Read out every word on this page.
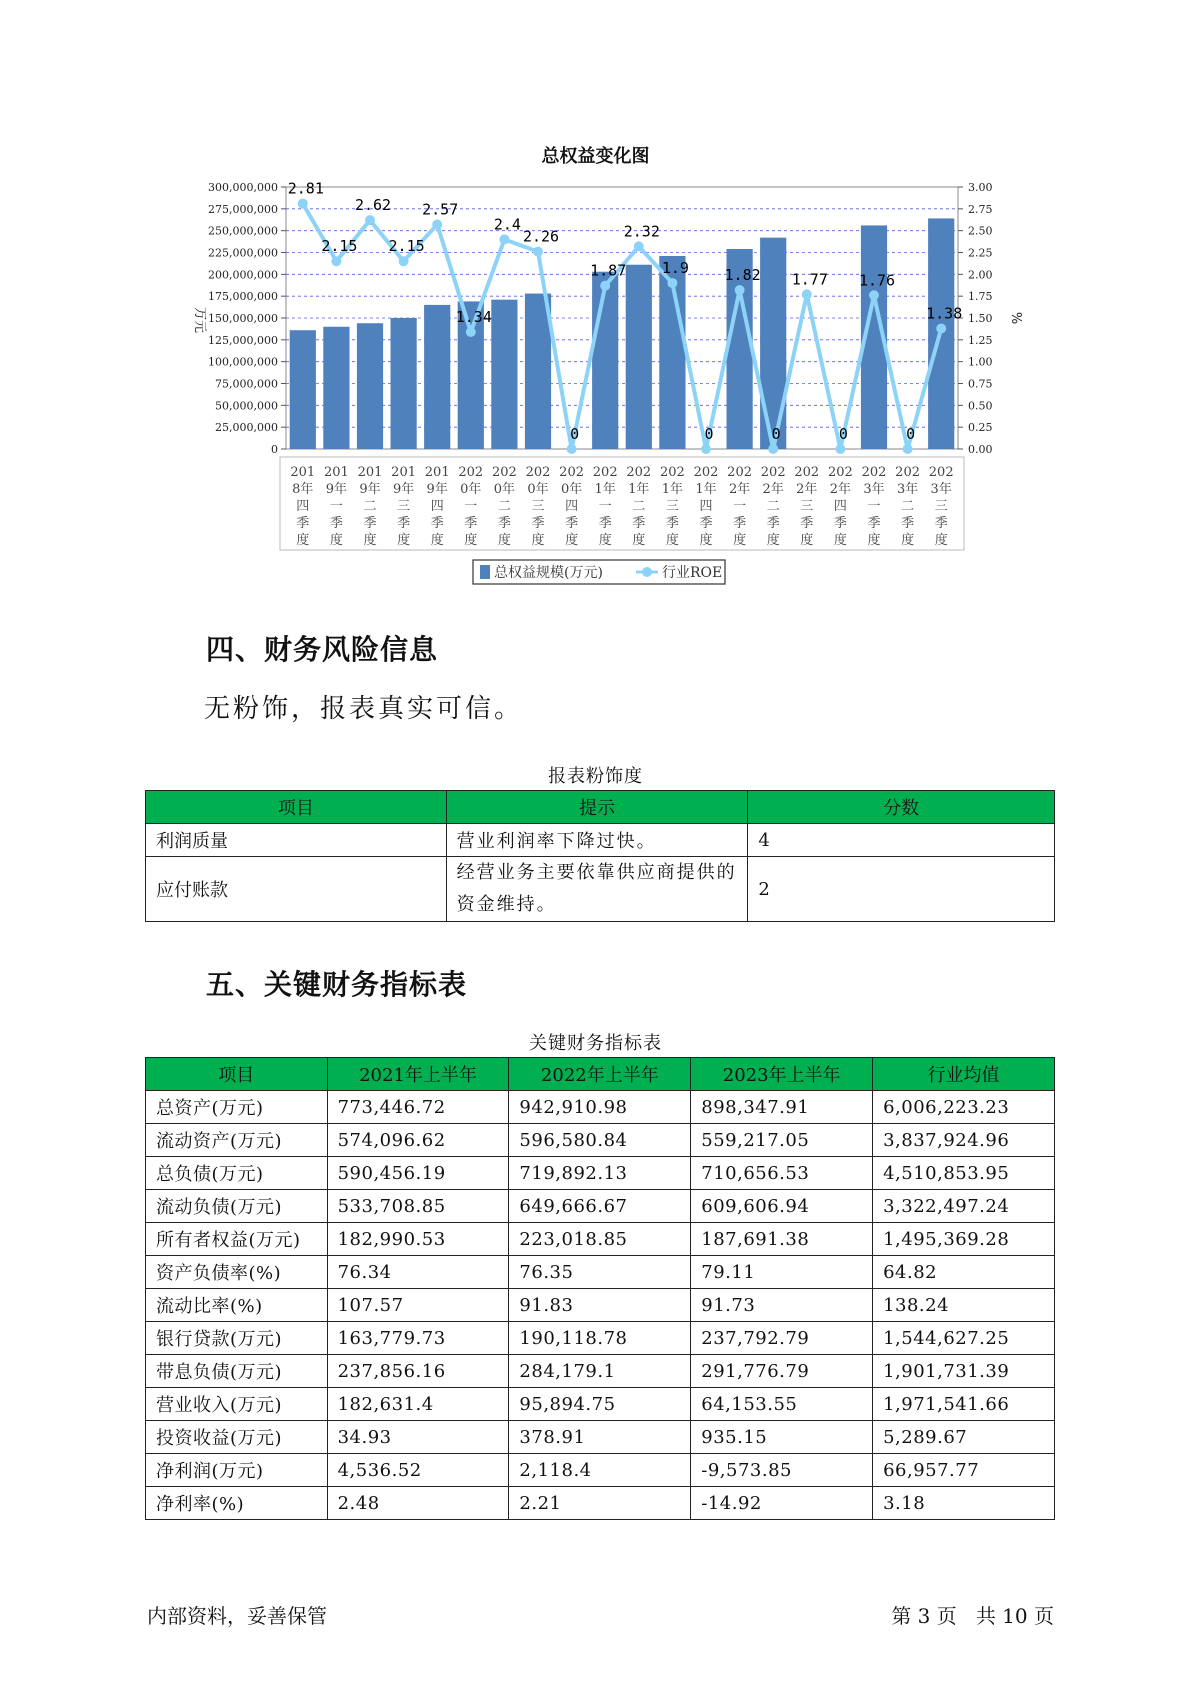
总权益变化图
300,000,000	3.00
275,000,000	2.75
250,000,000	2.50
225,000,000	2.25
200,000,000	2.00
175,000,000	1.75
150,000,000	1.50
125,000,000	1.25
100,000,000	1.00
75,000,000	0.75
50,000,000	0.50
25,000,000	0.25
0	0.00
万元	%
2.81
2.15
2.62
2.15
2.57
1.34
2.4
2.26
0
1.87
2.32
1.9
0
1.82
0
1.77
0
1.76
0
1.38
201
8年
四
季
度
201
9年
一
季
度
201
9年
二
季
度
201
9年
三
季
度
201
9年
四
季
度
202
0年
一
季
度
202
0年
二
季
度
202
0年
三
季
度
202
0年
四
季
度
202
1年
一
季
度
202
1年
二
季
度
202
1年
三
季
度
202
1年
四
季
度
202
2年
一
季
度
202
2年
二
季
度
202
2年
三
季
度
202
2年
四
季
度
202
3年
一
季
度
202
3年
二
季
度
202
3年
三
季
度
总权益规模(万元)	行业ROE
四、财务风险信息
无粉饰，报表真实可信。
报表粉饰度
项目	提示	分数
利润质量	营业利润率下降过快。	4
应付账款	经营业务主要依靠供应商提供的资金维持。	2
五、关键财务指标表
关键财务指标表
项目	2021年上半年	2022年上半年	2023年上半年	行业均值
总资产(万元)	773,446.72	942,910.98	898,347.91	6,006,223.23
流动资产(万元)	574,096.62	596,580.84	559,217.05	3,837,924.96
总负债(万元)	590,456.19	719,892.13	710,656.53	4,510,853.95
流动负债(万元)	533,708.85	649,666.67	609,606.94	3,322,497.24
所有者权益(万元)	182,990.53	223,018.85	187,691.38	1,495,369.28
资产负债率(%)	76.34	76.35	79.11	64.82
流动比率(%)	107.57	91.83	91.73	138.24
银行贷款(万元)	163,779.73	190,118.78	237,792.79	1,544,627.25
带息负债(万元)	237,856.16	284,179.1	291,776.79	1,901,731.39
营业收入(万元)	182,631.4	95,894.75	64,153.55	1,971,541.66
投资收益(万元)	34.93	378.91	935.15	5,289.67
净利润(万元)	4,536.52	2,118.4	-9,573.85	66,957.77
净利率(%)	2.48	2.21	-14.92	3.18
内部资料，妥善保管	第 3 页   共 10 页
